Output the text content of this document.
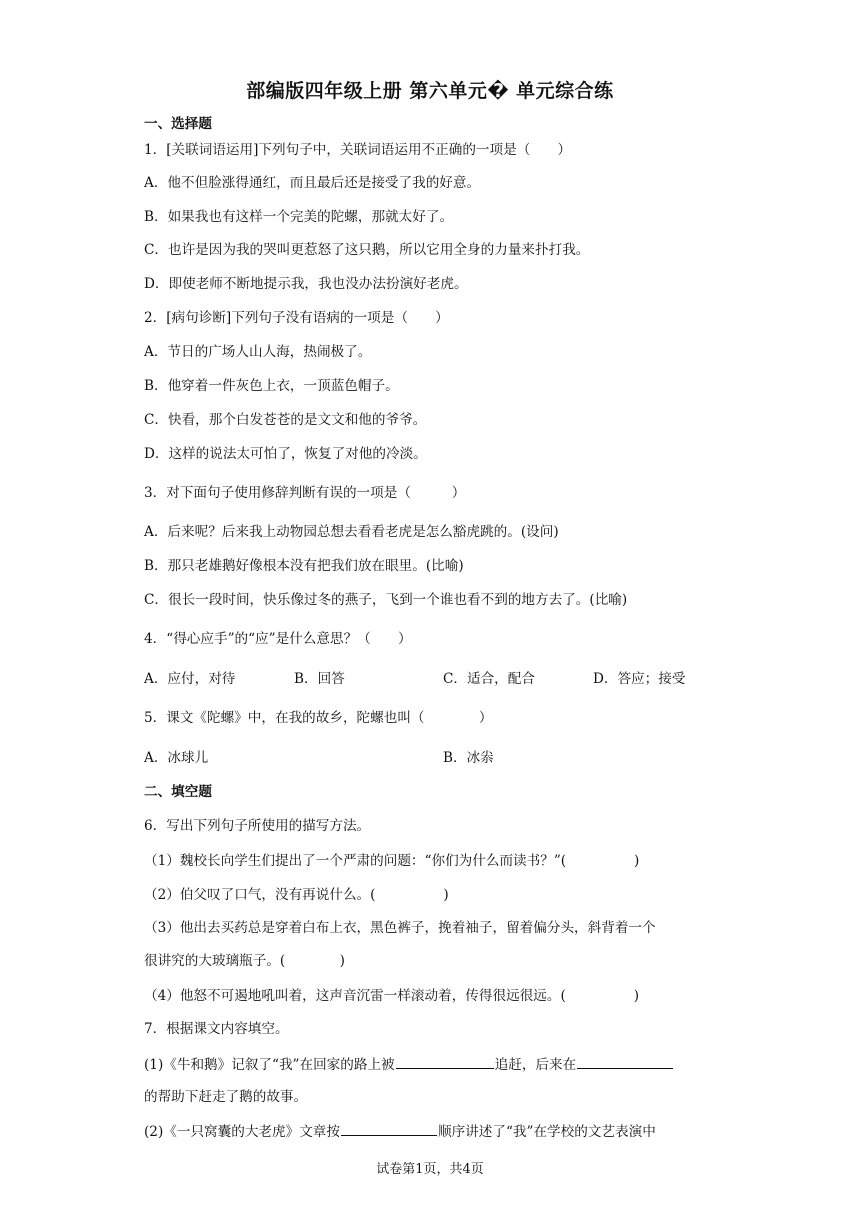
部编版四年级上册 第六单元� 单元综合练
一、选择题
1．[关联词语运用]下列句子中，关联词语运用不正确的一项是（　　）
A．他不但脸涨得通红，而且最后还是接受了我的好意。
B．如果我也有这样一个完美的陀螺，那就太好了。
C．也许是因为我的哭叫更惹怒了这只鹅，所以它用全身的力量来扑打我。
D．即使老师不断地提示我，我也没办法扮演好老虎。
2．[病句诊断]下列句子没有语病的一项是（　　）
A．节日的广场人山人海，热闹极了。
B．他穿着一件灰色上衣，一顶蓝色帽子。
C．快看，那个白发苍苍的是文文和他的爷爷。
D．这样的说法太可怕了，恢复了对他的冷淡。
3．对下面句子使用修辞判断有误的一项是（　　　）
A．后来呢？后来我上动物园总想去看看老虎是怎么豁虎跳的。(设问)
B．那只老雄鹅好像根本没有把我们放在眼里。(比喻)
C．很长一段时间，快乐像过冬的燕子，飞到一个谁也看不到的地方去了。(比喻)
4．“得心应手”的“应”是什么意思？（　　）
A．应付，对待	B．回答	C．适合，配合	D．答应；接受
5．课文《陀螺》中，在我的故乡，陀螺也叫（　　　　）
A．冰球儿	B．冰尜
二、填空题
6．写出下列句子所使用的描写方法。
（1）魏校长向学生们提出了一个严肃的问题：“你们为什么而读书？”(　　　　　)
（2）伯父叹了口气，没有再说什么。(　　　　　)
（3）他出去买药总是穿着白布上衣，黑色裤子，挽着袖子，留着偏分头，斜背着一个
很讲究的大玻璃瓶子。(　　　　)
（4）他怒不可遏地吼叫着，这声音沉雷一样滚动着，传得很远很远。(　　　　　)
7．根据课文内容填空。
(1)《牛和鹅》记叙了“我”在回家的路上被	追赶，后来在
的帮助下赶走了鹅的故事。
(2)《一只窝囊的大老虎》文章按	顺序讲述了“我”在学校的文艺表演中
试卷第1页，共4页
